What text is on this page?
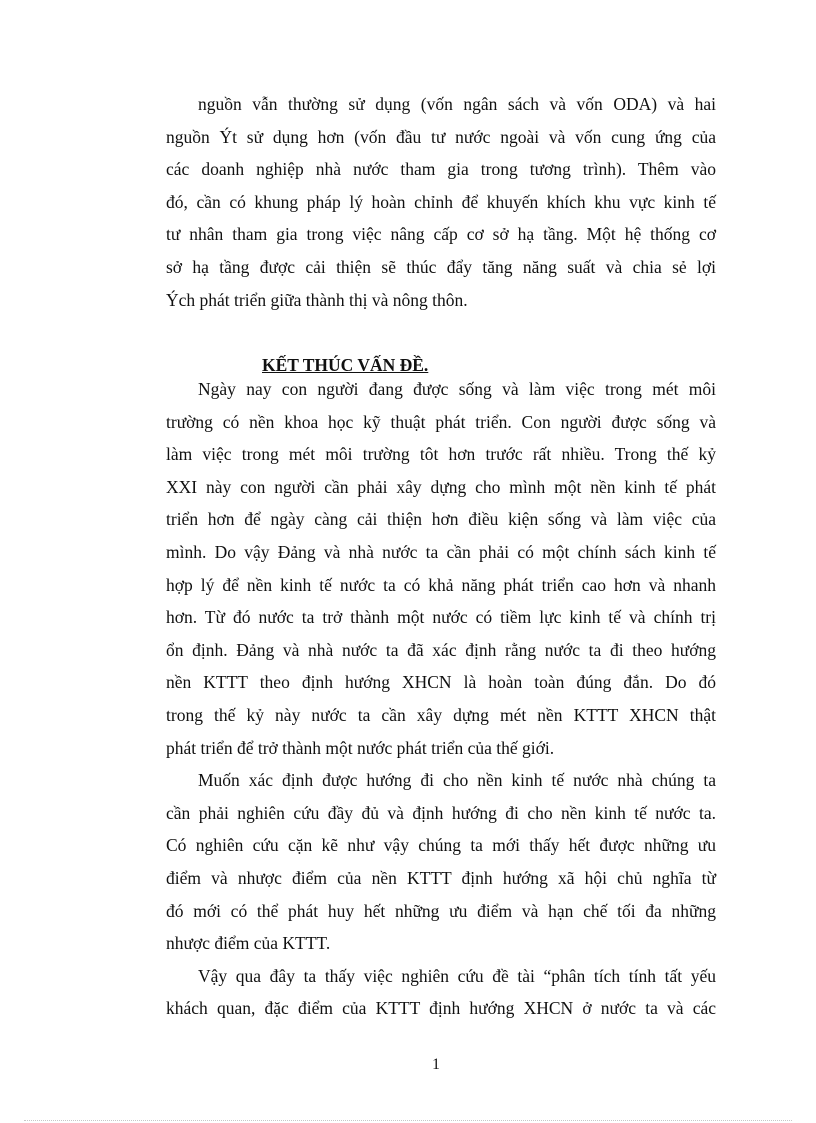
nguồn vẫn thường sử dụng (vốn ngân sách và vốn ODA) và hai
nguồn Ýt sử dụng hơn (vốn đầu tư nước ngoài và vốn cung ứng của
các doanh nghiệp nhà nước tham gia trong tương trình). Thêm vào
đó, cần có khung pháp lý hoàn chỉnh để khuyến khích khu vực kinh tế
tư nhân tham gia trong việc nâng cấp cơ sở hạ tầng. Một hệ thống cơ
sở hạ tầng được cải thiện sẽ thúc đẩy tăng năng suất và chia sẻ lợi
Ých phát triển giữa thành thị và nông thôn.
KẾT THÚC VẤN ĐỀ.
Ngày nay con người đang được sống và làm việc trong mét môi
trường có nền khoa học kỹ thuật phát triển. Con người được sống và
làm việc trong mét môi trường tôt hơn trước rất nhiều. Trong thế kỷ
XXI này con người cần phải xây dựng cho mình một nền kinh tế phát
triển hơn để ngày càng cải thiện hơn điều kiện sống và làm việc của
mình. Do vậy Đảng và nhà nước ta cần phải có một chính sách kinh tế
hợp lý để nền kinh tế nước ta có khả năng phát triển cao hơn và nhanh
hơn. Từ đó nước ta trở thành một nước có tiềm lực kinh tế và chính trị
ổn định. Đảng và nhà nước ta đã xác định rằng nước ta đi theo hướng
nền KTTT theo định hướng XHCN là hoàn toàn đúng đắn. Do đó
trong thế kỷ này nước ta cần xây dựng mét nền KTTT XHCN thật
phát triển để trở thành một nước phát triển của thế giới.
Muốn xác định được hướng đi cho nền kinh tế nước nhà chúng ta
cần phải nghiên cứu đầy đủ và định hướng đi cho nền kinh tế nước ta.
Có nghiên cứu cặn kẽ như vậy chúng ta mới thấy hết được những ưu
điểm và nhược điểm của nền KTTT định hướng xã hội chủ nghĩa từ
đó mới có thể phát huy hết những ưu điểm và hạn chế tối đa những
nhược điểm của KTTT.
Vậy qua đây ta thấy việc nghiên cứu đề tài “phân tích tính tất yếu
khách quan, đặc điểm của KTTT định hướng XHCN ở nước ta và các
1
